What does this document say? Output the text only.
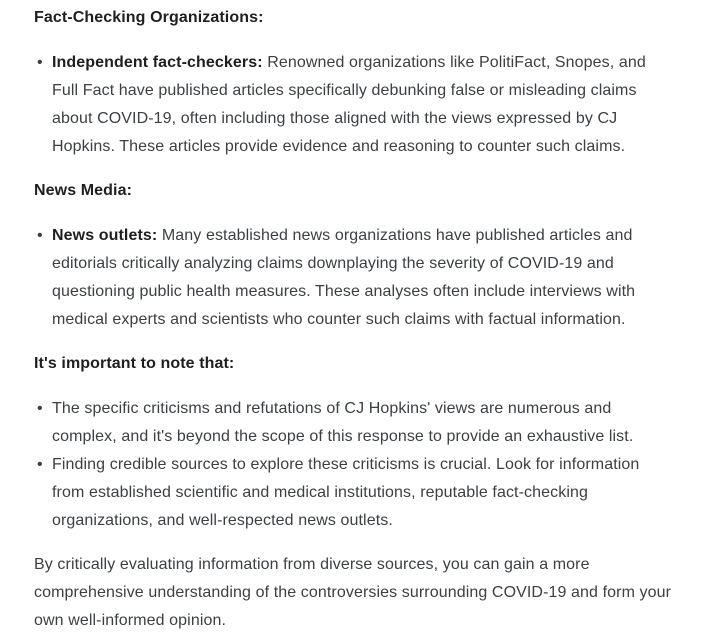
Fact-Checking Organizations:
• Independent fact-checkers: Renowned organizations like PolitiFact, Snopes, and Full Fact have published articles specifically debunking false or misleading claims about COVID-19, often including those aligned with the views expressed by CJ Hopkins. These articles provide evidence and reasoning to counter such claims.
News Media:
• News outlets: Many established news organizations have published articles and editorials critically analyzing claims downplaying the severity of COVID-19 and questioning public health measures. These analyses often include interviews with medical experts and scientists who counter such claims with factual information.
It's important to note that:
• The specific criticisms and refutations of CJ Hopkins' views are numerous and complex, and it's beyond the scope of this response to provide an exhaustive list.
• Finding credible sources to explore these criticisms is crucial. Look for information from established scientific and medical institutions, reputable fact-checking organizations, and well-respected news outlets.

By critically evaluating information from diverse sources, you can gain a more comprehensive understanding of the controversies surrounding COVID-19 and form your own well-informed opinion.
